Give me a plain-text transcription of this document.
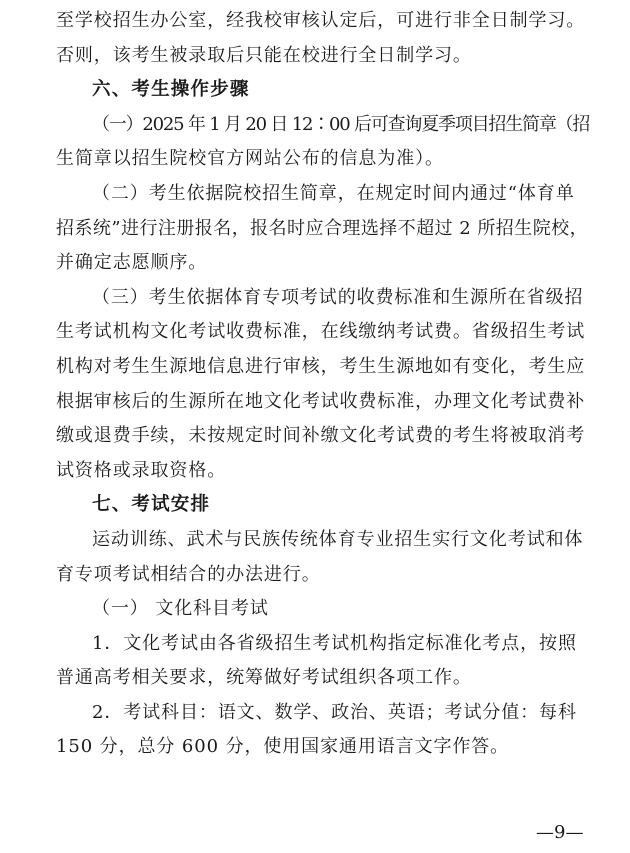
至学校招生办公室，经我校审核认定后，可进行非全日制学习。
否则，该考生被录取后只能在校进行全日制学习。
六、考生操作步骤
（一）2025 年 1 月 20 日 12∶00 后可查询夏季项目招生简章（招
生简章以招生院校官方网站公布的信息为准）。
（二）考生依据院校招生简章，在规定时间内通过“体育单
招系统”进行注册报名，报名时应合理选择不超过 2 所招生院校，
并确定志愿顺序。
（三）考生依据体育专项考试的收费标准和生源所在省级招
生考试机构文化考试收费标准，在线缴纳考试费。省级招生考试
机构对考生生源地信息进行审核，考生生源地如有变化，考生应
根据审核后的生源所在地文化考试收费标准，办理文化考试费补
缴或退费手续，未按规定时间补缴文化考试费的考生将被取消考
试资格或录取资格。
七、考试安排
运动训练、武术与民族传统体育专业招生实行文化考试和体
育专项考试相结合的办法进行。
（一） 文化科目考试
1．文化考试由各省级招生考试机构指定标准化考点，按照
普通高考相关要求，统筹做好考试组织各项工作。
2．考试科目：语文、数学、政治、英语；考试分值：每科
150 分，总分 600 分，使用国家通用语言文字作答。
—9—
